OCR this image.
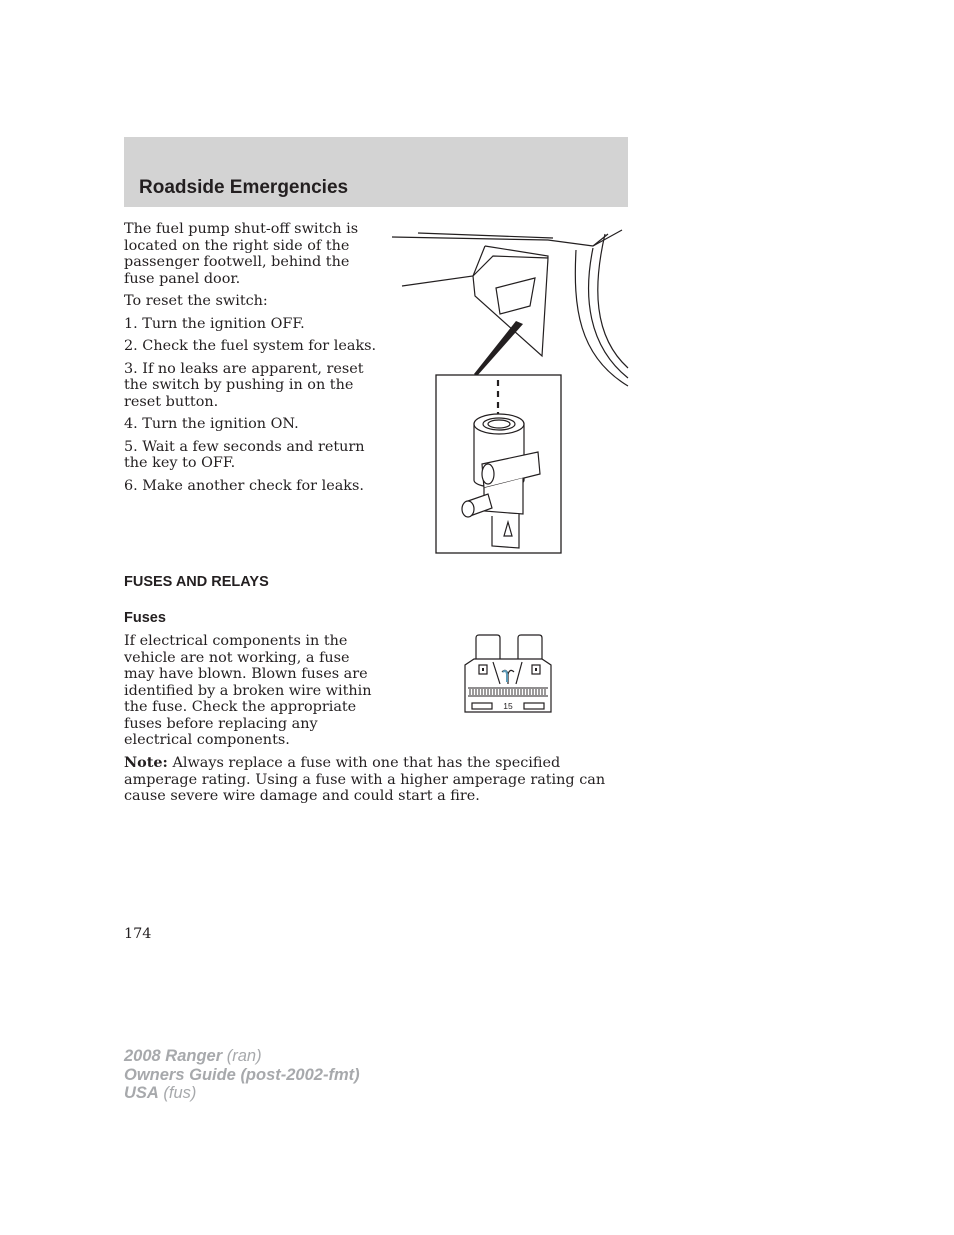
Roadside Emergencies

The fuel pump shut-off switch is located on the right side of the passenger footwell, behind the fuse panel door.

To reset the switch:

1. Turn the ignition OFF.

2. Check the fuel system for leaks.

3. If no leaks are apparent, reset the switch by pushing in on the reset button.

4. Turn the ignition ON.

5. Wait a few seconds and return the key to OFF.

6. Make another check for leaks.

FUSES AND RELAYS
Fuses
If electrical components in the vehicle are not working, a fuse may have blown. Blown fuses are identified by a broken wire within the fuse. Check the appropriate fuses before replacing any electrical components.
15
Note: Always replace a fuse with one that has the specified amperage rating. Using a fuse with a higher amperage rating can cause severe wire damage and could start a fire.
174
2008 Ranger (ran)
Owners Guide (post-2002-fmt)
USA (fus)
